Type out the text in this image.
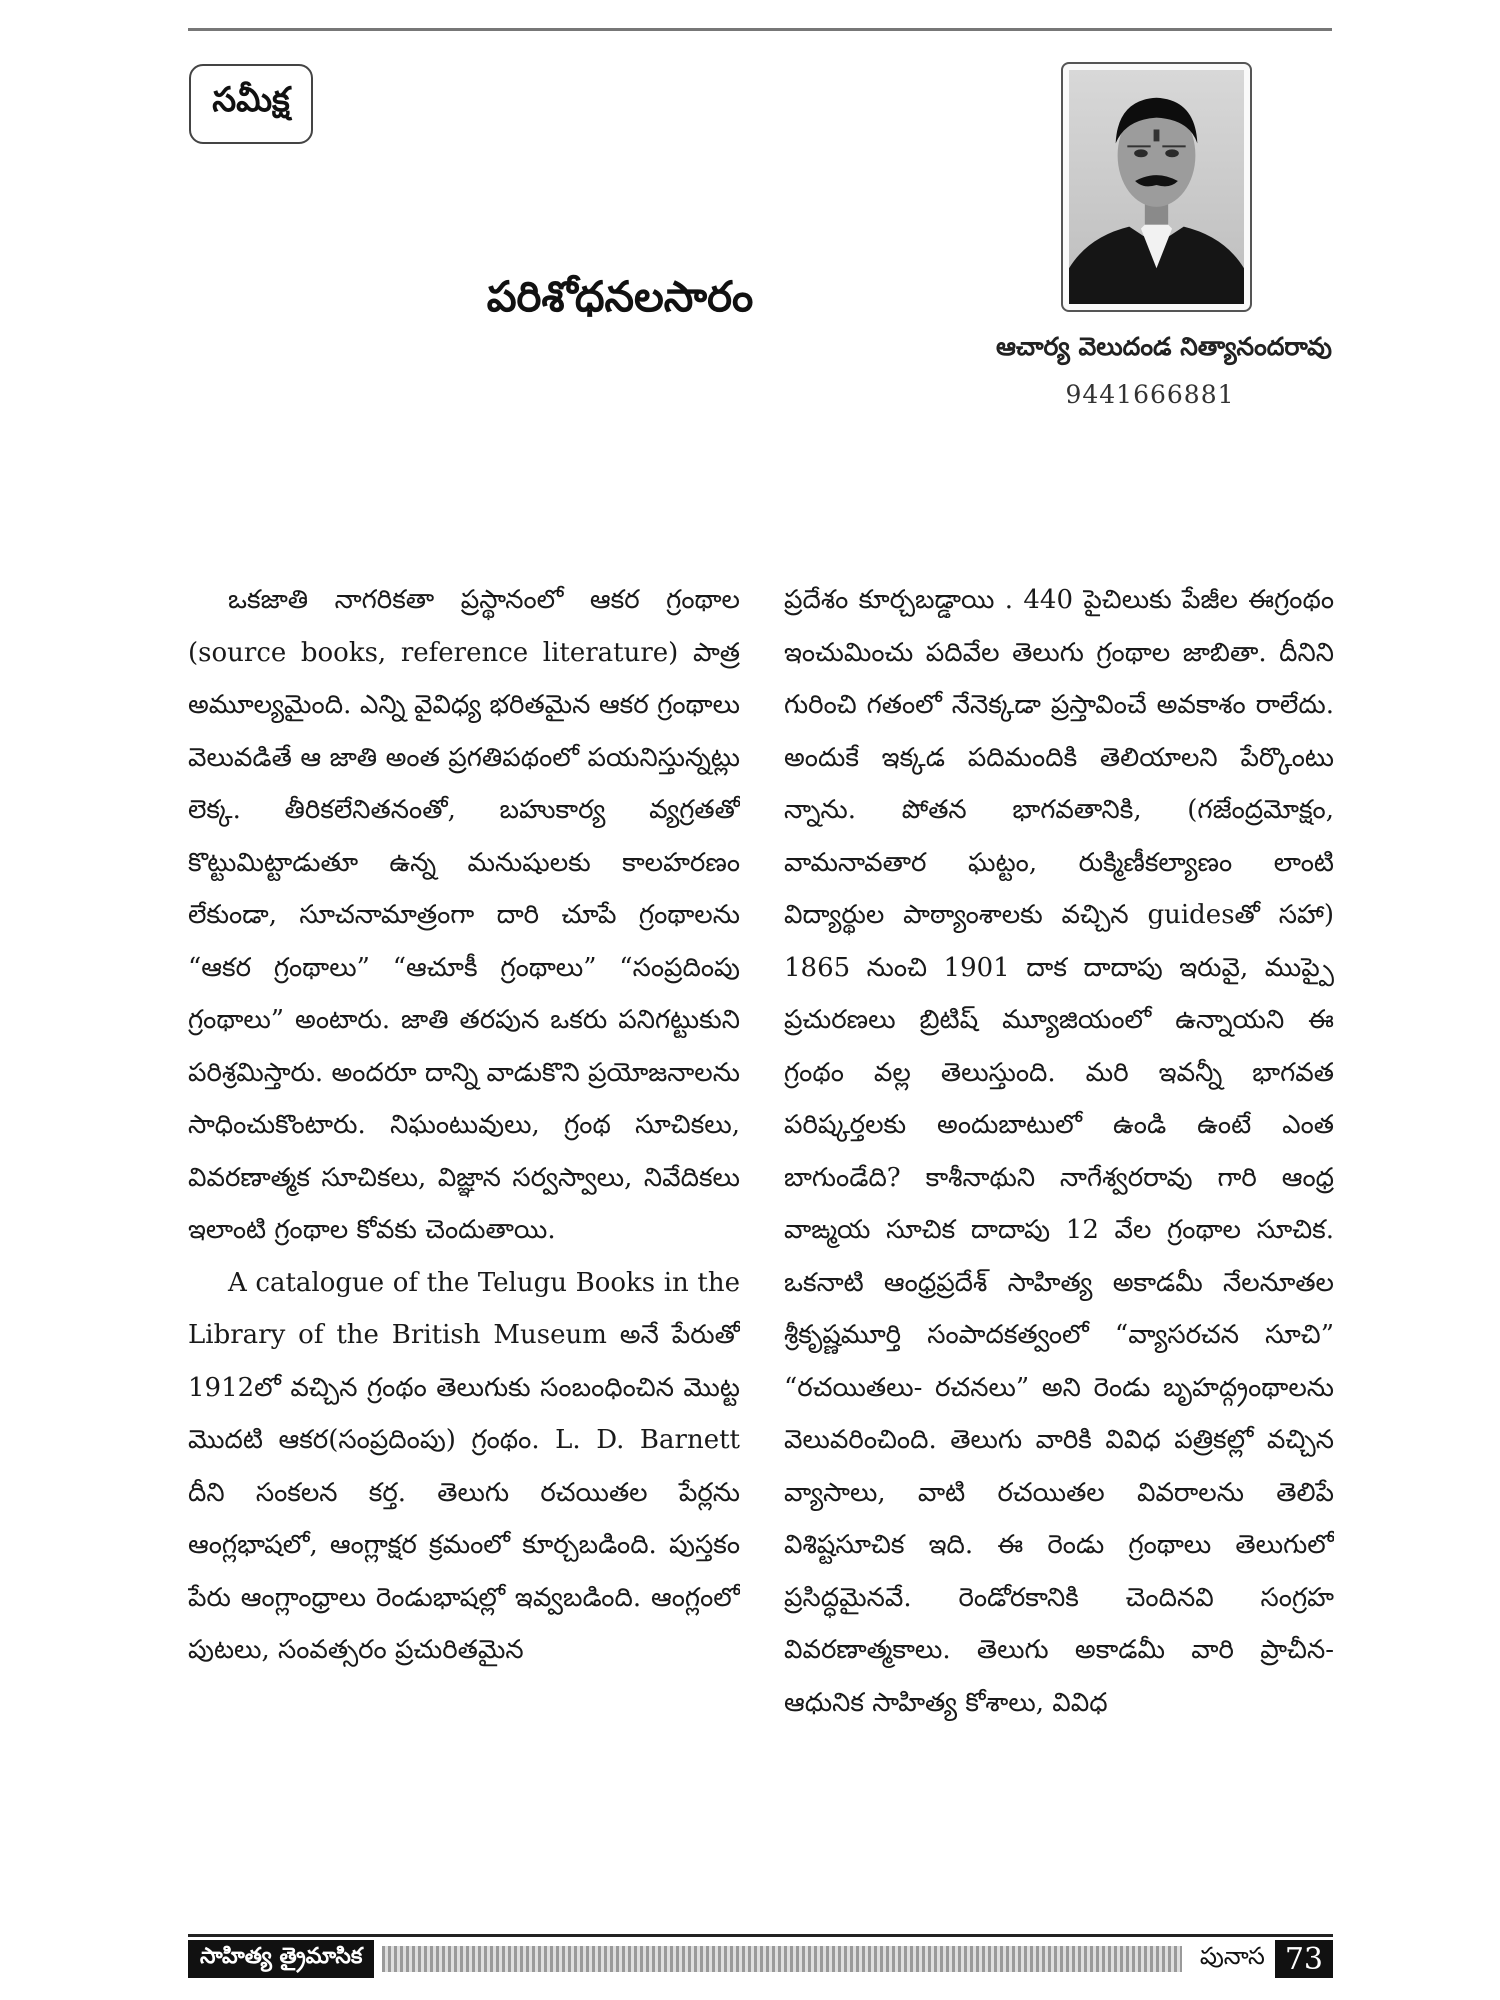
సమీక్ష
పరిశోధనలసారం
ఆచార్య వెలుదండ నిత్యానందరావు
9441666881

ఒకజాతి నాగరికతా ప్రస్థానంలో ఆకర గ్రంథాల (source books, reference literature) పాత్ర అమూల్యమైంది. ఎన్ని వైవిధ్య భరితమైన ఆకర గ్రంథాలు వెలువడితే ఆ జాతి అంత ప్రగతిపథంలో పయనిస్తున్నట్లు లెక్క. తీరికలేనితనంతో, బహుకార్య వ్యగ్రతతో కొట్టుమిట్టాడుతూ ఉన్న మనుషులకు కాలహరణం లేకుండా, సూచనామాత్రంగా దారి చూపే గ్రంథాలను “ఆకర గ్రంథాలు” “ఆచూకీ గ్రంథాలు” “సంప్రదింపు గ్రంథాలు” అంటారు. జాతి తరపున ఒకరు పనిగట్టుకుని పరిశ్రమిస్తారు. అందరూ దాన్ని వాడుకొని ప్రయోజనాలను సాధించుకొంటారు. నిఘంటువులు, గ్రంథ సూచికలు, వివరణాత్మక సూచికలు, విజ్ఞాన సర్వస్వాలు, నివేదికలు ఇలాంటి గ్రంథాల కోవకు చెందుతాయి.

A catalogue of the Telugu Books in the Library of the British Museum అనే పేరుతో 1912లో వచ్చిన గ్రంథం తెలుగుకు సంబంధించిన మొట్ట మొదటి ఆకర(సంప్రదింపు) గ్రంథం. L. D. Barnett దీని సంకలన కర్త. తెలుగు రచయితల పేర్లను ఆంగ్లభాషలో, ఆంగ్లాక్షర క్రమంలో కూర్చబడింది. పుస్తకం పేరు ఆంగ్లాంధ్రాలు రెండుభాషల్లో ఇవ్వబడింది. ఆంగ్లంలో పుటలు, సంవత్సరం ప్రచురితమైన

ప్రదేశం కూర్చబడ్డాయి . 440 పైచిలుకు పేజీల ఈగ్రంథం ఇంచుమించు పదివేల తెలుగు గ్రంథాల జాబితా. దీనిని గురించి గతంలో నేనెక్కడా ప్రస్తావించే అవకాశం రాలేదు. అందుకే ఇక్కడ పదిమందికి తెలియాలని పేర్కొంటు న్నాను. పోతన భాగవతానికి, (గజేంద్రమోక్షం, వామనావతార ఘట్టం, రుక్మిణీకల్యాణం లాంటి విద్యార్థుల పాఠ్యాంశాలకు వచ్చిన guidesతో సహా) 1865 నుంచి 1901 దాక దాదాపు ఇరువై, ముప్పై ప్రచురణలు బ్రిటిష్ మ్యూజియంలో ఉన్నాయని ఈ గ్రంథం వల్ల తెలుస్తుంది. మరి ఇవన్నీ భాగవత పరిష్కర్తలకు అందుబాటులో ఉండి ఉంటే ఎంత బాగుండేది? కాశీనాథుని నాగేశ్వరరావు గారి ఆంధ్ర వాఙ్మయ సూచిక దాదాపు 12 వేల గ్రంథాల సూచిక. ఒకనాటి ఆంధ్రప్రదేశ్ సాహిత్య అకాడమీ నేలనూతల శ్రీకృష్ణమూర్తి సంపాదకత్వంలో “వ్యాసరచన సూచి” “రచయితలు- రచనలు” అని రెండు బృహద్గ్రంథాలను వెలువరించింది. తెలుగు వారికి వివిధ పత్రికల్లో వచ్చిన వ్యాసాలు, వాటి రచయితల వివరాలను తెలిపే విశిష్టసూచిక ఇది. ఈ రెండు గ్రంథాలు తెలుగులో ప్రసిద్ధమైనవే. రెండోరకానికి చెందినవి సంగ్రహ వివరణాత్మకాలు. తెలుగు అకాడమీ వారి ప్రాచీన- ఆధునిక సాహిత్య కోశాలు, వివిధ

సాహిత్య త్రైమాసిక	పునాస 73
